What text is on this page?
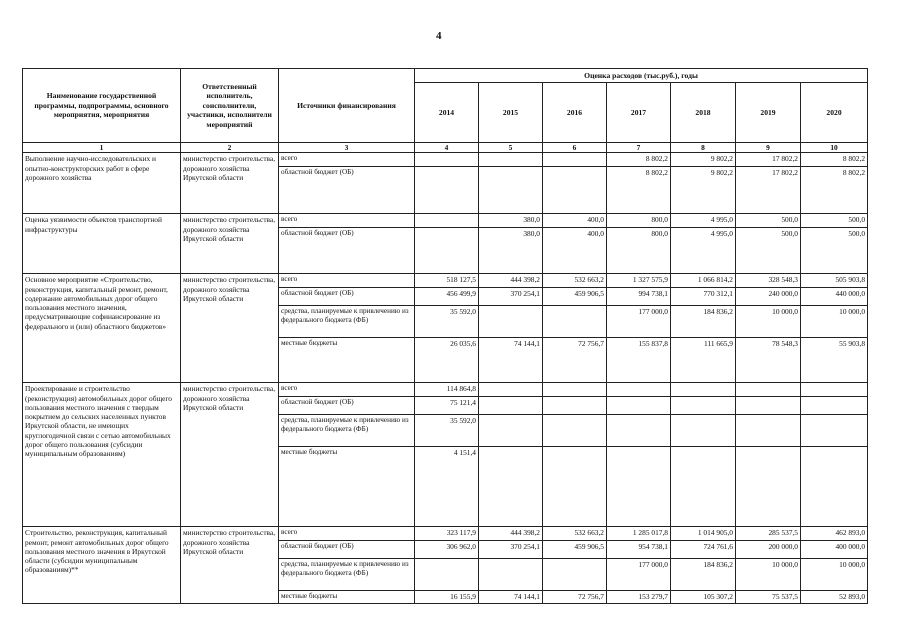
4
Наименование государственной программы, подпрограммы, основного мероприятия, мероприятия	Ответственный исполнитель, соисполнители, участники, исполнители мероприятий	Источники финансирования	Оценка расходов (тыс.руб.), годы						
			2014	2015	2016	2017	2018	2019	2020
1	2	3	4	5	6	7	8	9	10
Выполнение научно-исследовательских и опытно-конструкторских работ в сфере дорожного хозяйства	министерство строительства, дорожного хозяйства Иркутской области	всего				8 802,2	9 802,2	17 802,2	8 802,2
		областной бюджет (ОБ)				8 802,2	9 802,2	17 802,2	8 802,2
Оценка уязвимости объектов транспортной инфраструктуры	министерство строительства, дорожного хозяйства Иркутской области	всего		380,0	400,0	800,0	4 995,0	500,0	500,0
		областной бюджет (ОБ)		380,0	400,0	800,0	4 995,0	500,0	500,0
Основное мероприятие «Строительство, реконструкция, капитальный ремонт, ремонт, содержание автомобильных дорог общего пользования местного значения, предусматривающие софинансирование из федерального и (или) областного бюджетов»	министерство строительства, дорожного хозяйства Иркутской области	всего	518 127,5	444 398,2	532 663,2	1 327 575,9	1 066 814,2	328 548,3	505 903,8
		областной бюджет (ОБ)	456 499,9	370 254,1	459 906,5	994 738,1	770 312,1	240 000,0	440 000,0
		средства, планируемые к привлечению из федерального бюджета (ФБ)	35 592,0			177 000,0	184 836,2	10 000,0	10 000,0
		местные бюджеты	26 035,6	74 144,1	72 756,7	155 837,8	111 665,9	78 548,3	55 903,8
Проектирование и строительство (реконструкция) автомобильных дорог общего пользования местного значения с твердым покрытием до сельских населенных пунктов Иркутской области, не имеющих круглогодичной связи с сетью автомобильных дорог общего пользования (субсидии муниципальным образованиям)	министерство строительства, дорожного хозяйства Иркутской области	всего	114 864,8						
		областной бюджет (ОБ)	75 121,4						
		средства, планируемые к привлечению из федерального бюджета (ФБ)	35 592,0						
		местные бюджеты	4 151,4						
Строительство, реконструкция, капитальный ремонт, ремонт автомобильных дорог общего пользования местного значения в Иркутской области (субсидии муниципальным образованиям)**	министерство строительства, дорожного хозяйства Иркутской области	всего	323 117,9	444 398,2	532 663,2	1 285 017,8	1 014 905,0	285 537,5	462 893,0
		областной бюджет (ОБ)	306 962,0	370 254,1	459 906,5	954 738,1	724 761,6	200 000,0	400 000,0
		средства, планируемые к привлечению из федерального бюджета (ФБ)				177 000,0	184 836,2	10 000,0	10 000,0
		местные бюджеты	16 155,9	74 144,1	72 756,7	153 279,7	105 307,2	75 537,5	52 893,0
